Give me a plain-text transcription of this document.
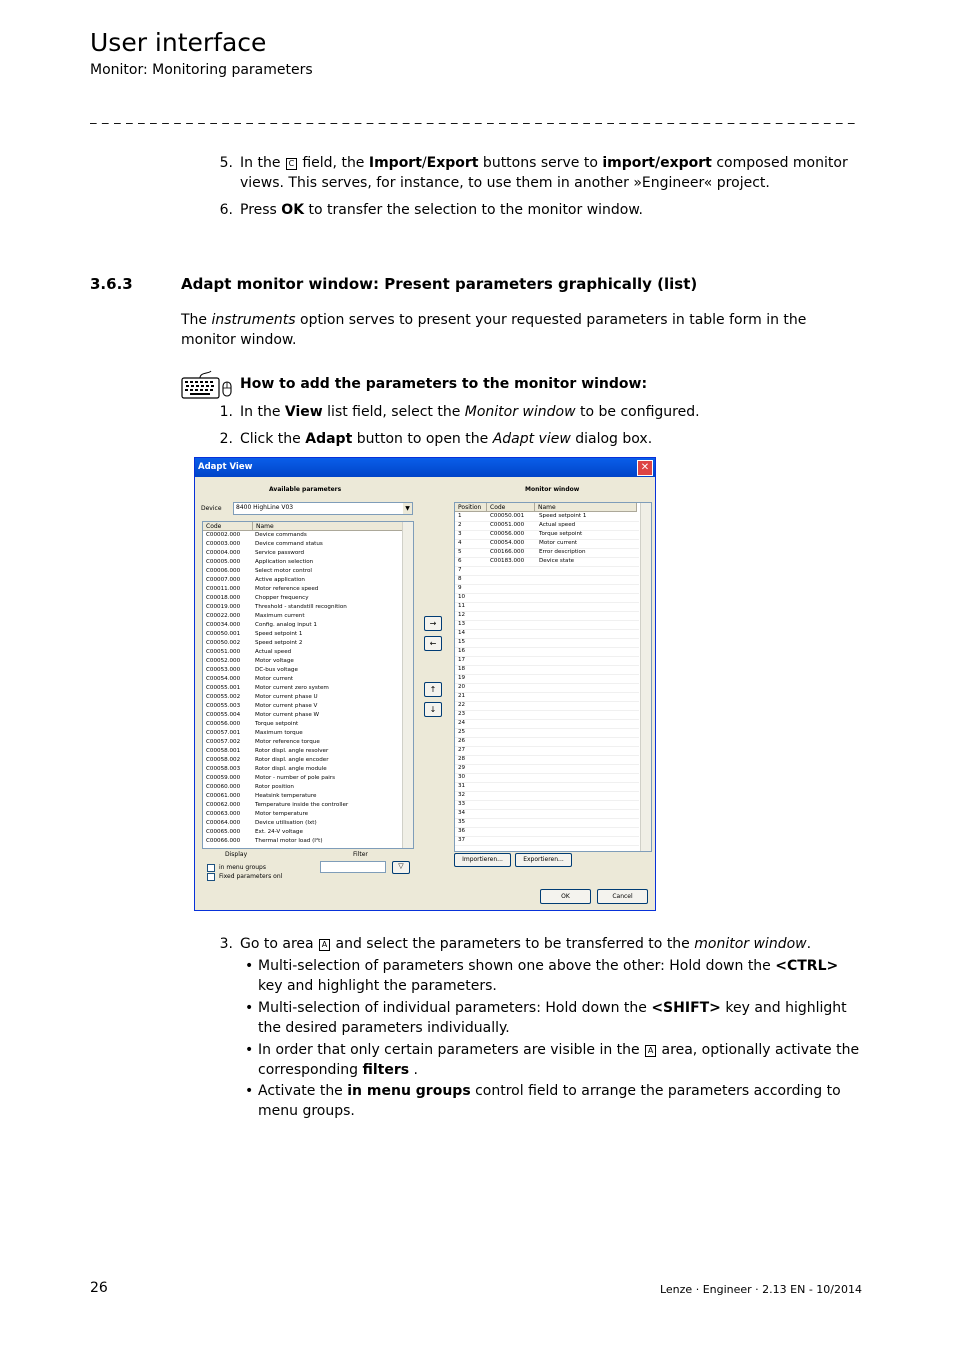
User interface
Monitor: Monitoring parameters
_ _ _ _ _ _ _ _ _ _ _ _ _ _ _ _ _ _ _ _ _ _ _ _ _ _ _ _ _ _ _ _ _ _ _ _ _ _ _ _ _ _ _ _ _ _ _ _ _ _ _ _ _ _ _ _ _ _ _ _ _ _ _ _
5. In the C field, the Import/Export buttons serve to import/export composed monitor views. This serves, for instance, to use them in another »Engineer« project.
6. Press OK to transfer the selection to the monitor window.
3.6.3	Adapt monitor window: Present parameters graphically (list)
The instruments option serves to present your requested parameters in table form in the monitor window.
How to add the parameters to the monitor window:
1. In the View list field, select the Monitor window to be configured.
2. Click the Adapt button to open the Adapt view dialog box.
Adapt View	✕
Available parameters
Device 8400 HighLine V03	▼
Code	Name
C00002.000	Device commands
C00003.000	Device command status
C00004.000	Service password
C00005.000	Application selection
C00006.000	Select motor control
C00007.000	Active application
C00011.000	Motor reference speed
C00018.000	Chopper frequency
C00019.000	Threshold - standstill recognition
C00022.000	Maximum current
C00034.000	Config. analog input 1
C00050.001	Speed setpoint 1
C00050.002	Speed setpoint 2
C00051.000	Actual speed
C00052.000	Motor voltage
C00053.000	DC-bus voltage
C00054.000	Motor current
C00055.001	Motor current zero system
C00055.002	Motor current phase U
C00055.003	Motor current phase V
C00055.004	Motor current phase W
C00056.000	Torque setpoint
C00057.001	Maximum torque
C00057.002	Motor reference torque
C00058.001	Rotor displ. angle resolver
C00058.002	Rotor displ. angle encoder
C00058.003	Rotor displ. angle module
C00059.000	Motor - number of pole pairs
C00060.000	Rotor position
C00061.000	Heatsink temperature
C00062.000	Temperature inside the controller
C00063.000	Motor temperature
C00064.000	Device utilisation (Ixt)
C00065.000	Ext. 24-V voltage
C00066.000	Thermal motor load (I²t)
Display	Filter
in menu groups
Fixed parameters onl
▽
→
←
↑
↓
Monitor window
Position	Code	Name
1	C00050.001	Speed setpoint 1
2	C00051.000	Actual speed
3	C00056.000	Torque setpoint
4	C00054.000	Motor current
5	C00166.000	Error description
6	C00183.000	Device state
7
8
9
10
11
12
13
14
15
16
17
18
19
20
21
22
23
24
25
26
27
28
29
30
31
32
33
34
35
36
37
Importieren...	Exportieren...
OK	Cancel
3. Go to area A and select the parameters to be transferred to the monitor window.
• Multi-selection of parameters shown one above the other: Hold down the <CTRL> key and highlight the parameters.
• Multi-selection of individual parameters: Hold down the <SHIFT> key and highlight the desired parameters individually.
• In order that only certain parameters are visible in the A area, optionally activate the corresponding filters .
• Activate the in menu groups control field to arrange the parameters according to menu groups.
26	Lenze · Engineer · 2.13 EN - 10/2014
